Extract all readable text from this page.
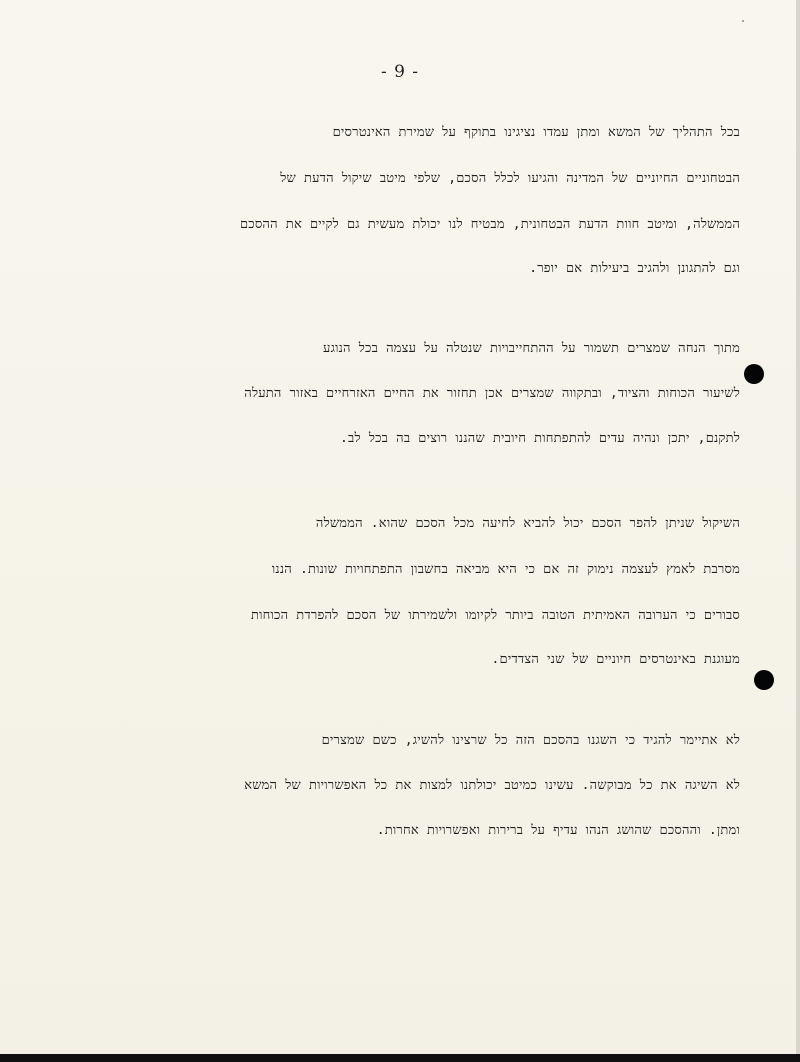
- 9 -
בכל התהליך של המשא ומתן עמדו נציגינו בתוקף על שמירת האינטרסים
הבטחוניים החיוניים של המדינה והגיעו לכלל הסכם, שלפי מיטב שיקול הדעת של
הממשלה, ומיטב חוות הדעת הבטחונית, מבטיח לנו יכולת מעשית גם לקיים את ההסכם
וגם להתגונן ולהגיב ביעילות אם יופר.
מתוך הנחה שמצרים תשמור על ההתחייבויות שנטלה על עצמה בכל הנוגע
לשיעור הכוחות והציוד, ובתקווה שמצרים אכן תחזור את החיים האזרחיים באזור התעלה
לתקנם, יתכן ונהיה עדים להתפתחות חיובית שהננו רוצים בה בכל לב.
השיקול שניתן להפר הסכם יכול להביא לחיעה מכל הסכם שהוא. הממשלה
מסרבת לאמץ לעצמה נימוק זה אם כי היא מביאה בחשבון התפתחויות שונות. הננו
סבורים כי הערובה האמיתית הטובה ביותר לקיומו ולשמירתו של הסכם להפרדת הכוחות
מעוגנת באינטרסים חיוניים של שני הצדדים.
לא אתיימר להגיד כי השגנו בהסכם הזה כל שרצינו להשיג, כשם שמצרים
לא השיגה את כל מבוקשה. עשינו כמיטב יכולתנו למצות את כל האפשרויות של המשא
ומתן. וההסכם שהושג הנהו עדיף על ברירות ואפשרויות אחרות.
